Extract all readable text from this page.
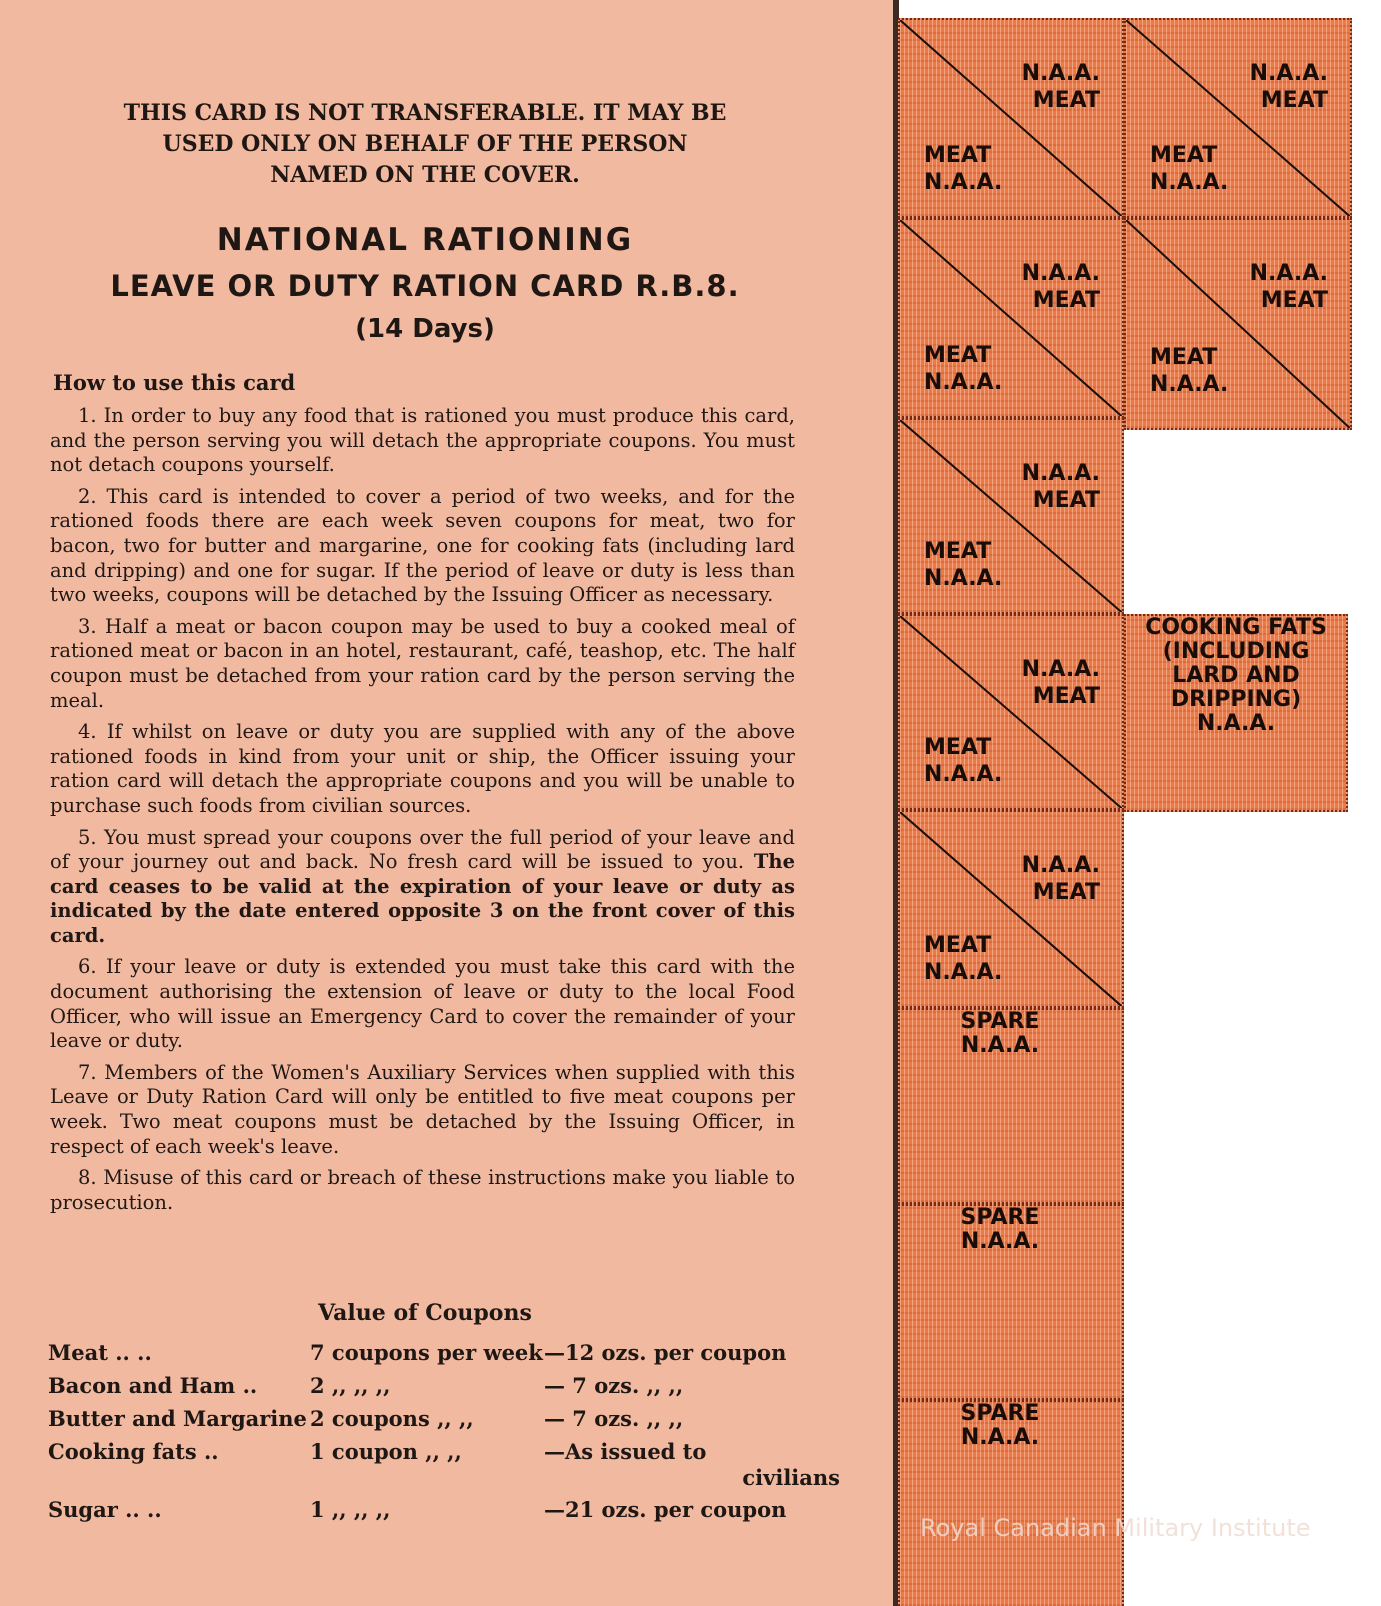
THIS CARD IS NOT TRANSFERABLE. IT MAY BE
USED ONLY ON BEHALF OF THE PERSON
NAMED ON THE COVER.
NATIONAL RATIONING
LEAVE OR DUTY RATION CARD R.B.8.
(14 Days)
How to use this card

1. In order to buy any food that is rationed you must produce this card, and the person serving you will detach the appropriate coupons. You must not detach coupons yourself.

2. This card is intended to cover a period of two weeks, and for the rationed foods there are each week seven coupons for meat, two for bacon, two for butter and margarine, one for cooking fats (including lard and dripping) and one for sugar. If the period of leave or duty is less than two weeks, coupons will be detached by the Issuing Officer as necessary.

3. Half a meat or bacon coupon may be used to buy a cooked meal of rationed meat or bacon in an hotel, restaurant, café, teashop, etc. The half coupon must be detached from your ration card by the person serving the meal.

4. If whilst on leave or duty you are supplied with any of the above rationed foods in kind from your unit or ship, the Officer issuing your ration card will detach the appropriate coupons and you will be unable to purchase such foods from civilian sources.

5. You must spread your coupons over the full period of your leave and of your journey out and back. No fresh card will be issued to you. The card ceases to be valid at the expiration of your leave or duty as indicated by the date entered opposite 3 on the front cover of this card.

6. If your leave or duty is extended you must take this card with the document authorising the extension of leave or duty to the local Food Officer, who will issue an Emergency Card to cover the remainder of your leave or duty.

7. Members of the Women's Auxiliary Services when supplied with this Leave or Duty Ration Card will only be entitled to five meat coupons per week. Two meat coupons must be detached by the Issuing Officer, in respect of each week's leave.

8. Misuse of this card or breach of these instructions make you liable to prosecution.

Value of Coupons
Meat .. ..	7 coupons per week —12 ozs. per coupon
Bacon and Ham ..	2 ,, ,, ,,	— 7 ozs. ,, ,,
Butter and Margarine 2 coupons ,, ,,	— 7 ozs. ,, ,,
Cooking fats ..	1 coupon ,, ,,	—As issued to
civilians
Sugar .. ..	1 ,, ,, ,,	—21 ozs. per coupon
N.A.A.
MEAT
MEAT
N.A.A.
N.A.A.
MEAT
MEAT
N.A.A.
N.A.A.
MEAT
MEAT
N.A.A.
N.A.A.
MEAT
MEAT
N.A.A.
N.A.A.
MEAT
MEAT
N.A.A.
N.A.A.
MEAT
MEAT
N.A.A.
N.A.A.
MEAT
MEAT
N.A.A.
COOKING FATS
(INCLUDING
LARD AND
DRIPPING)
N.A.A.
SPARE
N.A.A.
SPARE
N.A.A.
SPARE
N.A.A.
Royal Canadian Military Institute
